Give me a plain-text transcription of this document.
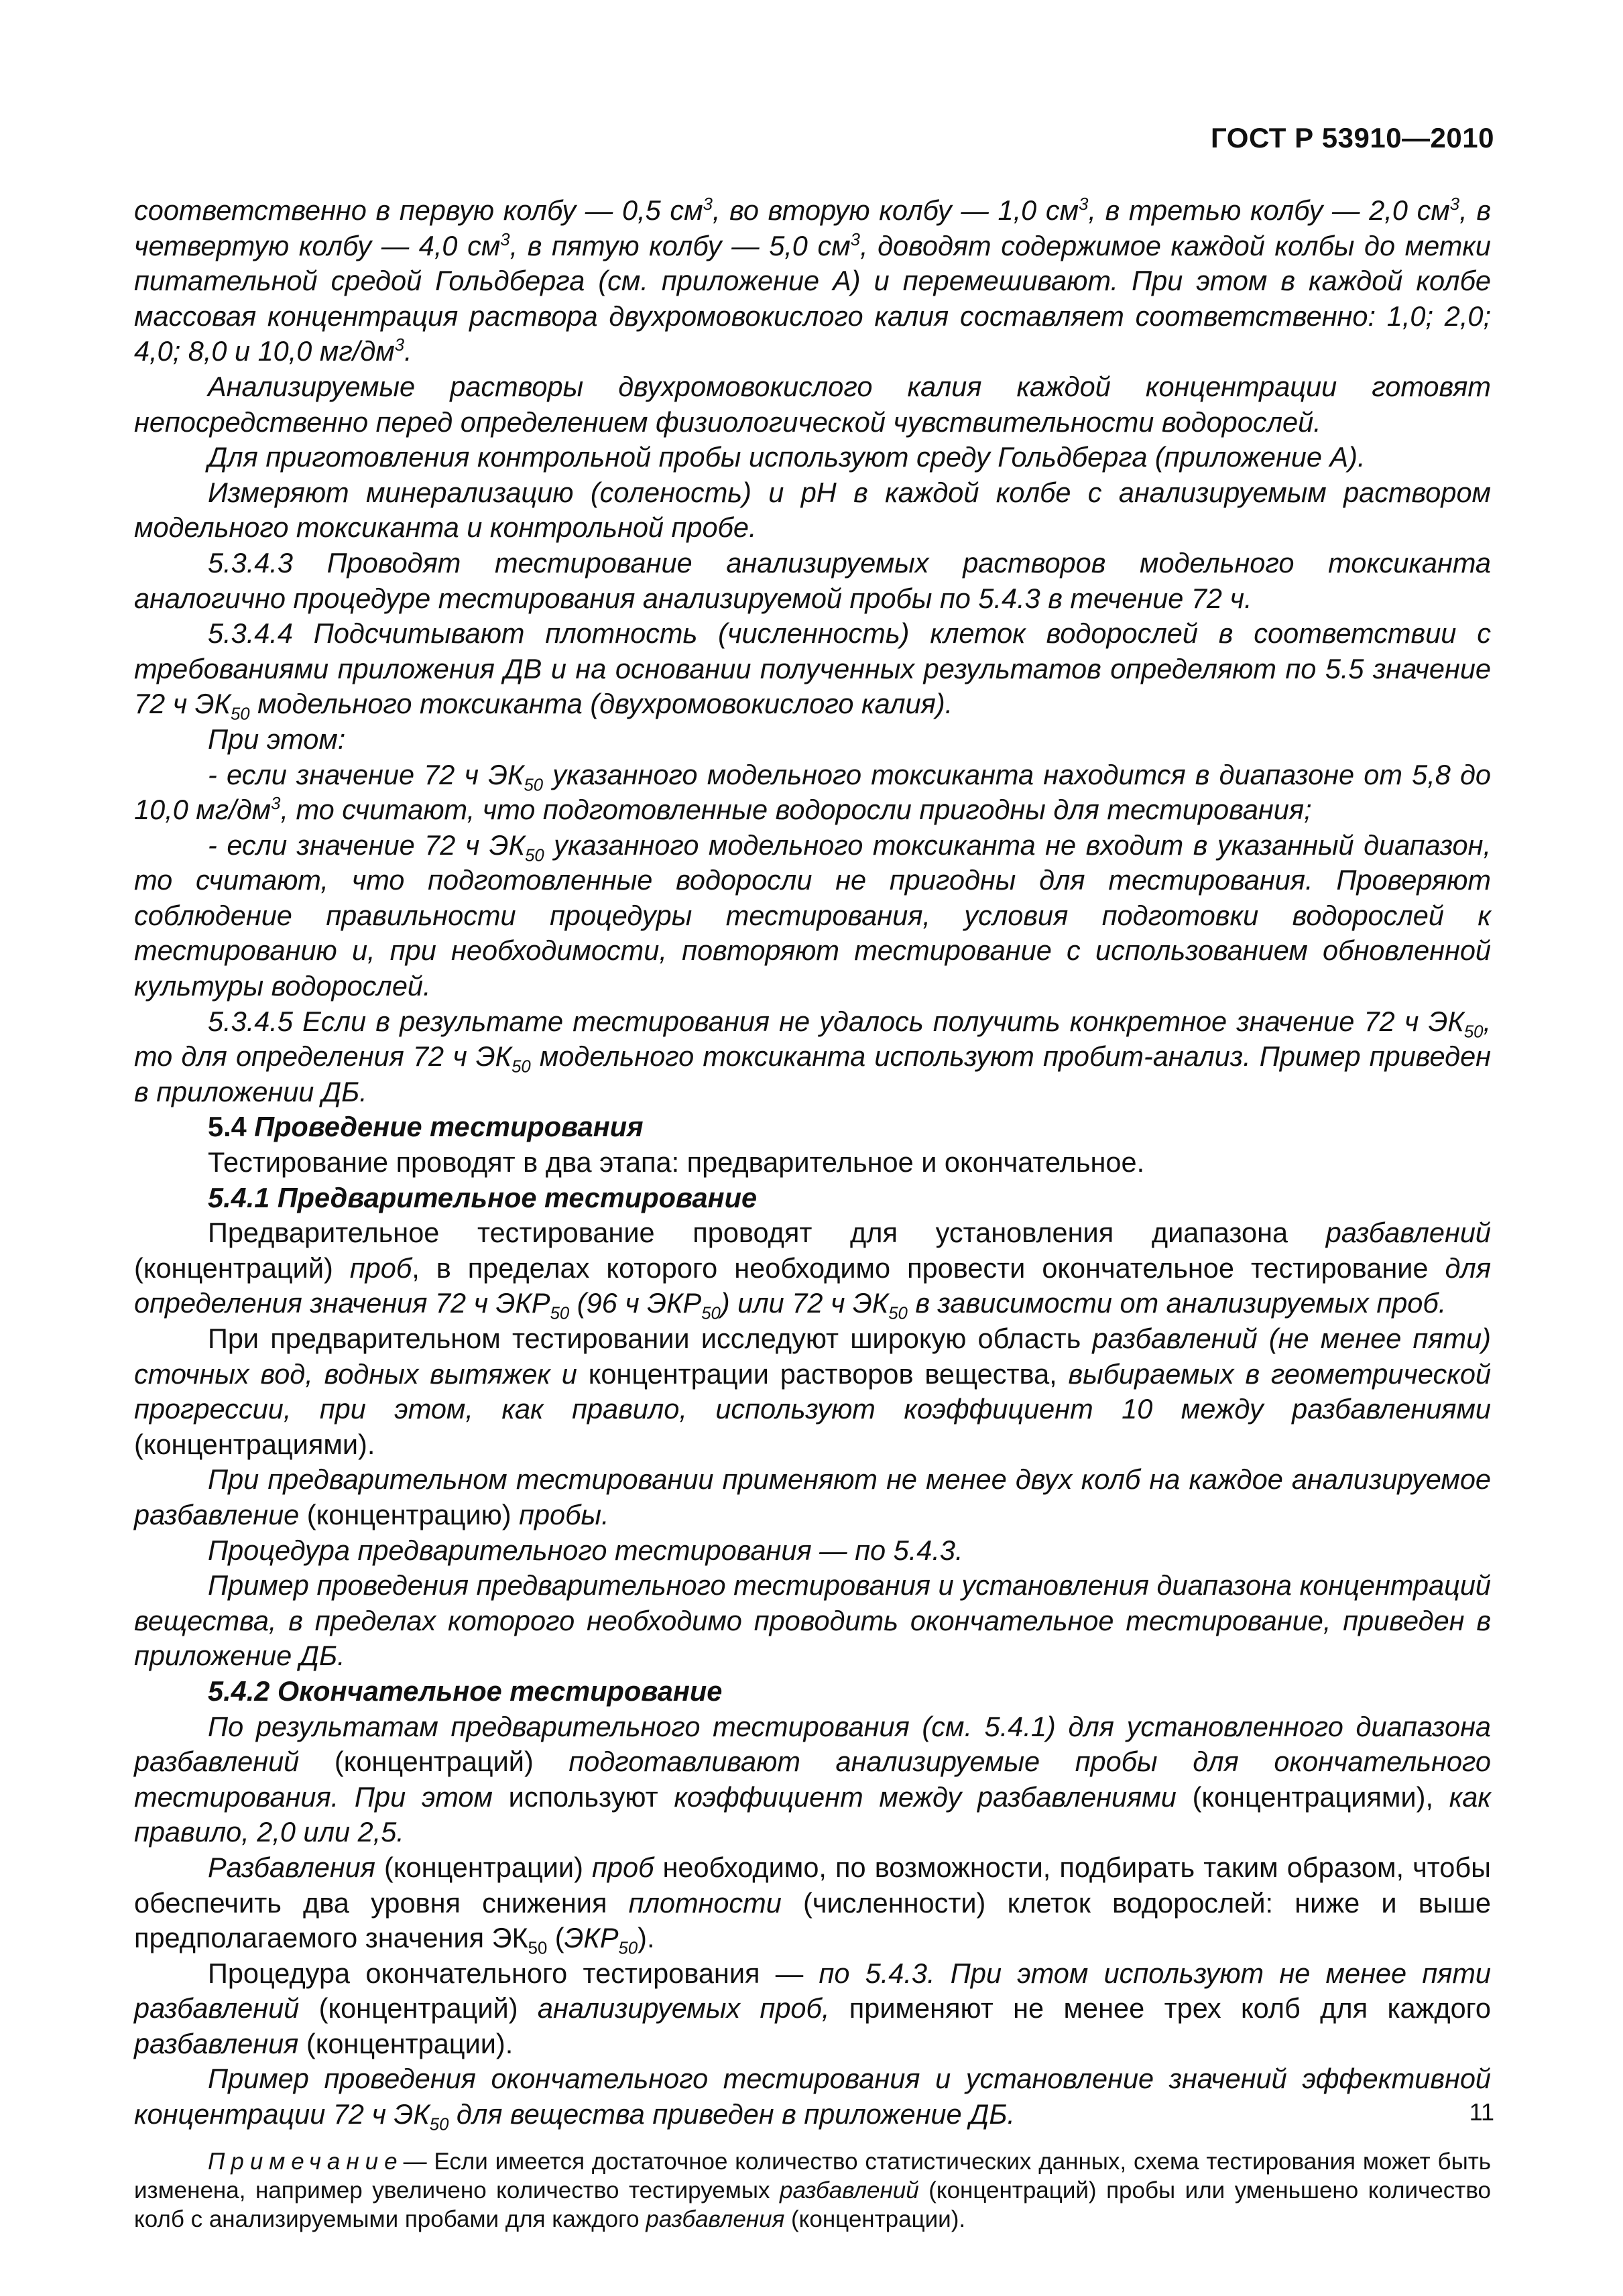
ГОСТ Р 53910—2010

соответственно в первую колбу — 0,5 $см^3$, во вторую колбу — 1,0 $см^3$, в третью колбу — 2,0 $см^3$, в четвертую колбу — 4,0 $см^3$, в пятую колбу — 5,0 $см^3$, доводят содержимое каждой колбы до метки питательной средой Гольдберга (см. приложение А) и перемешивают. При этом в каждой колбе массовая концентрация раствора двухромовокислого калия составляет соответственно: 1,0; 2,0; 4,0; 8,0 и 10,0 $мг/дм^3$.

Анализируемые растворы двухромовокислого калия каждой концентрации готовят непосредственно перед определением физиологической чувствительности водорослей.

Для приготовления контрольной пробы используют среду Гольдберга (приложение А).

Измеряют минерализацию (соленость) и pH в каждой колбе с анализируемым раствором модельного токсиканта и контрольной пробе.

5.3.4.3 Проводят тестирование анализируемых растворов модельного токсиканта аналогично процедуре тестирования анализируемой пробы по 5.4.3 в течение 72 ч.

5.3.4.4 Подсчитывают плотность (численность) клеток водорослей в соответствии с требованиями приложения ДВ и на основании полученных результатов определяют по 5.5 значение 72 ч $ЭК_{50}$ модельного токсиканта (двухромовокислого калия).

При этом:

- если значение 72 ч $ЭК_{50}$ указанного модельного токсиканта находится в диапазоне от 5,8 до 10,0 $мг/дм^3$, то считают, что подготовленные водоросли пригодны для тестирования;

- если значение 72 ч $ЭК_{50}$ указанного модельного токсиканта не входит в указанный диапазон, то считают, что подготовленные водоросли не пригодны для тестирования. Проверяют соблюдение правильности процедуры тестирования, условия подготовки водорослей к тестированию и, при необходимости, повторяют тестирование с использованием обновленной культуры водорослей.

5.3.4.5 Если в результате тестирования не удалось получить конкретное значение 72 ч $ЭК_{50}$, то для определения 72 ч $ЭК_{50}$ модельного токсиканта используют пробит-анализ. Пример приведен в приложении ДБ.

5.4 Проведение тестирования

Тестирование проводят в два этапа: предварительное и окончательное.

5.4.1 Предварительное тестирование

Предварительное тестирование проводят для установления диапазона разбавлений (концентраций) проб, в пределах которого необходимо провести окончательное тестирование для определения значения 72 ч $ЭКР_{50}$ (96 ч $ЭКР_{50}$) или 72 ч $ЭК_{50}$ в зависимости от анализируемых проб.

При предварительном тестировании исследуют широкую область разбавлений (не менее пяти) сточных вод, водных вытяжек и концентрации растворов вещества, выбираемых в геометрической прогрессии, при этом, как правило, используют коэффициент 10 между разбавлениями (концентрациями).

При предварительном тестировании применяют не менее двух колб на каждое анализируемое разбавление (концентрацию) пробы.

Процедура предварительного тестирования — по 5.4.3.

Пример проведения предварительного тестирования и установления диапазона концентраций вещества, в пределах которого необходимо проводить окончательное тестирование, приведен в приложение ДБ.

5.4.2 Окончательное тестирование

По результатам предварительного тестирования (см. 5.4.1) для установленного диапазона разбавлений (концентраций) подготавливают анализируемые пробы для окончательного тестирования. При этом используют коэффициент между разбавлениями (концентрациями), как правило, 2,0 или 2,5.

Разбавления (концентрации) проб необходимо, по возможности, подбирать таким образом, чтобы обеспечить два уровня снижения плотности (численности) клеток водорослей: ниже и выше предполагаемого значения $ЭК_{50}$ $(ЭКР_{50})$.

Процедура окончательного тестирования — по 5.4.3. При этом используют не менее пяти разбавлений (концентраций) анализируемых проб, применяют не менее трех колб для каждого разбавления (концентрации).

Пример проведения окончательного тестирования и установление значений эффективной концентрации 72 ч $ЭК_{50}$ для вещества приведен в приложение ДБ.

Примечание— Если имеется достаточное количество статистических данных, схема тестирования может быть изменена, например увеличено количество тестируемых разбавлений (концентраций) пробы или уменьшено количество колб с анализируемыми пробами для каждого разбавления (концентрации).

11
